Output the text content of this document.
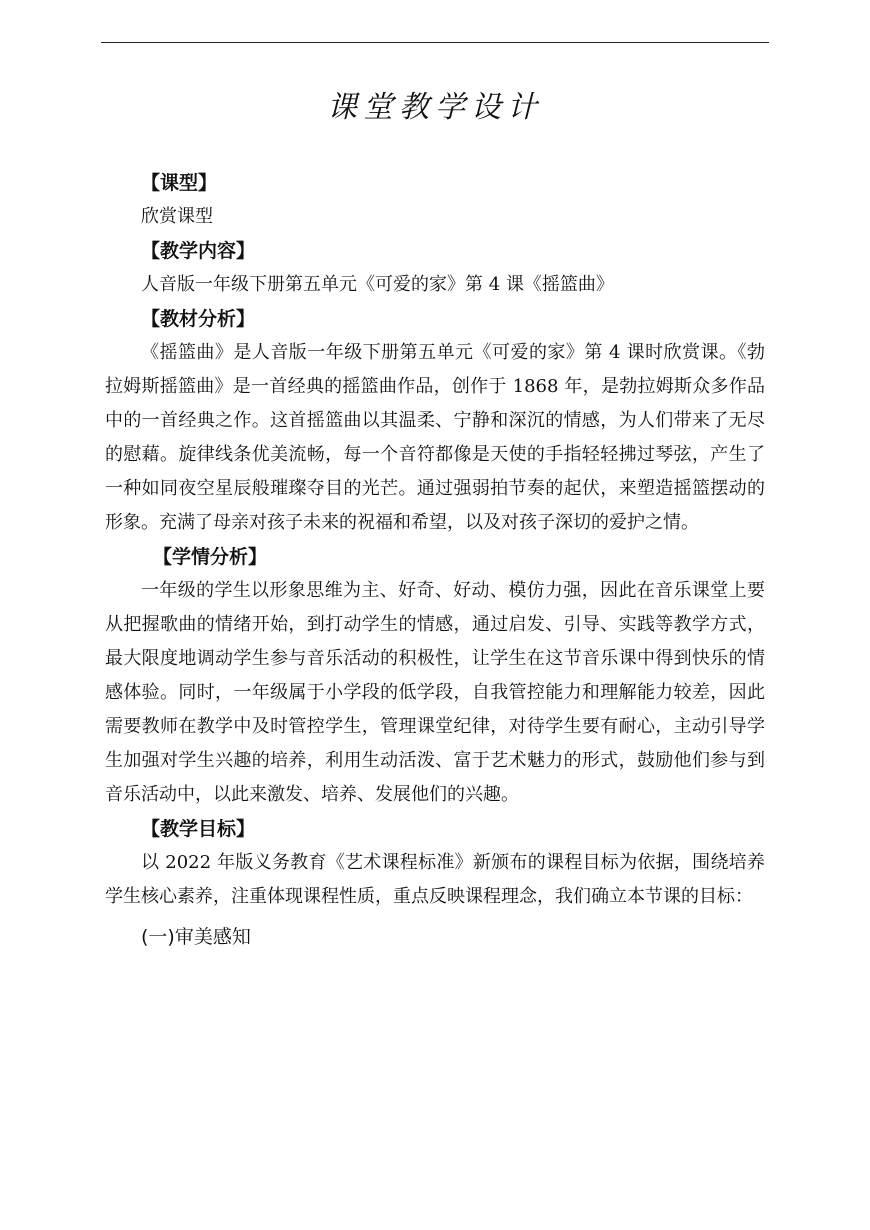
课堂教学设计

【课型】

欣赏课型

【教学内容】

人音版一年级下册第五单元《可爱的家》第 4 课《摇篮曲》

【教材分析】

《摇篮曲》是人音版一年级下册第五单元《可爱的家》第 4 课时欣赏课。《勃拉姆斯摇篮曲》是一首经典的摇篮曲作品，创作于 1868 年，是勃拉姆斯众多作品中的一首经典之作。这首摇篮曲以其温柔、宁静和深沉的情感，为人们带来了无尽的慰藉。旋律线条优美流畅，每一个音符都像是天使的手指轻轻拂过琴弦，产生了一种如同夜空星辰般璀璨夺目的光芒。通过强弱拍节奏的起伏，来塑造摇篮摆动的形象。充满了母亲对孩子未来的祝福和希望，以及对孩子深切的爱护之情。

【学情分析】

一年级的学生以形象思维为主、好奇、好动、模仿力强，因此在音乐课堂上要从把握歌曲的情绪开始，到打动学生的情感，通过启发、引导、实践等教学方式，最大限度地调动学生参与音乐活动的积极性，让学生在这节音乐课中得到快乐的情感体验。同时，一年级属于小学段的低学段，自我管控能力和理解能力较差，因此需要教师在教学中及时管控学生，管理课堂纪律，对待学生要有耐心，主动引导学生加强对学生兴趣的培养，利用生动活泼、富于艺术魅力的形式，鼓励他们参与到音乐活动中，以此来激发、培养、发展他们的兴趣。

【教学目标】

以 2022 年版义务教育《艺术课程标准》新颁布的课程目标为依据，围绕培养学生核心素养，注重体现课程性质，重点反映课程理念，我们确立本节课的目标：

(一)审美感知
